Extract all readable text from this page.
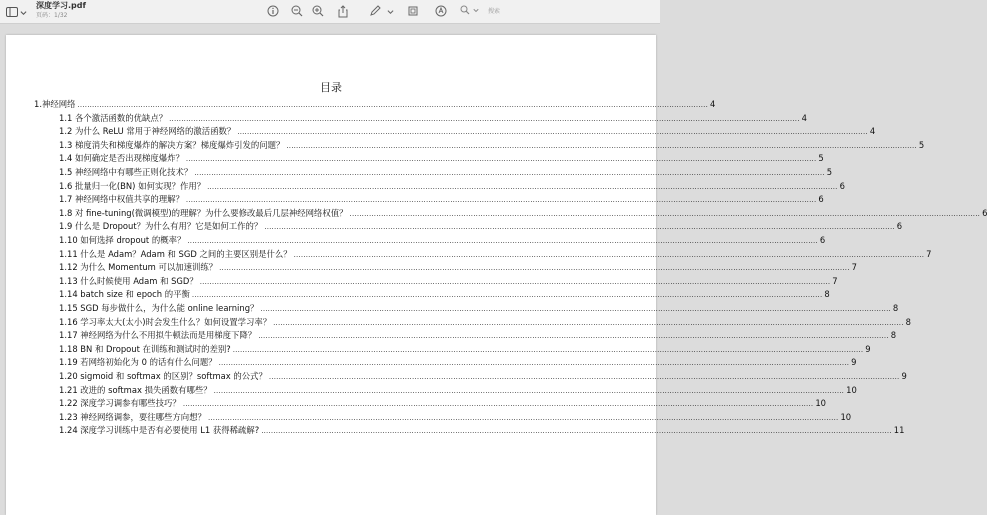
深度学习.pdf
页码：1/32
搜索
目录
1.神经网络 .................................................................................................................................................................................................................................................................... 4
1.1 各个激活函数的优缺点？ .................................................................................................................................................................................................................................................................... 4
1.2 为什么 ReLU 常用于神经网络的激活函数？ .................................................................................................................................................................................................................................................................... 4
1.3 梯度消失和梯度爆炸的解决方案？梯度爆炸引发的问题？ .................................................................................................................................................................................................................................................................... 5
1.4 如何确定是否出现梯度爆炸？ .................................................................................................................................................................................................................................................................... 5
1.5 神经网络中有哪些正则化技术？ .................................................................................................................................................................................................................................................................... 5
1.6 批量归一化(BN) 如何实现？作用？ .................................................................................................................................................................................................................................................................... 6
1.7 神经网络中权值共享的理解？ .................................................................................................................................................................................................................................................................... 6
1.8 对 fine-tuning(微调模型)的理解？为什么要修改最后几层神经网络权值？ .................................................................................................................................................................................................................................................................... 6
1.9 什么是 Dropout？为什么有用？它是如何工作的？ .................................................................................................................................................................................................................................................................... 6
1.10 如何选择 dropout 的概率？ .................................................................................................................................................................................................................................................................... 6
1.11 什么是 Adam？Adam 和 SGD 之间的主要区别是什么？ .................................................................................................................................................................................................................................................................... 7
1.12 为什么 Momentum 可以加速训练？ .................................................................................................................................................................................................................................................................... 7
1.13 什么时候使用 Adam 和 SGD？ .................................................................................................................................................................................................................................................................... 7
1.14 batch size 和 epoch 的平衡 .................................................................................................................................................................................................................................................................... 8
1.15 SGD 每步做什么，为什么能 online learning？ .................................................................................................................................................................................................................................................................... 8
1.16 学习率太大(太小)时会发生什么？如何设置学习率？ .................................................................................................................................................................................................................................................................... 8
1.17 神经网络为什么不用拟牛顿法而是用梯度下降？ .................................................................................................................................................................................................................................................................... 8
1.18 BN 和 Dropout 在训练和测试时的差别? .................................................................................................................................................................................................................................................................... 9
1.19 若网络初始化为 0 的话有什么问题？ .................................................................................................................................................................................................................................................................... 9
1.20 sigmoid 和 softmax 的区别？softmax 的公式？ .................................................................................................................................................................................................................................................................... 9
1.21 改进的 softmax 损失函数有哪些？ .................................................................................................................................................................................................................................................................... 10
1.22 深度学习调参有哪些技巧？ .................................................................................................................................................................................................................................................................... 10
1.23 神经网络调参，要往哪些方向想？ .................................................................................................................................................................................................................................................................... 10
1.24 深度学习训练中是否有必要使用 L1 获得稀疏解? .................................................................................................................................................................................................................................................................... 11
